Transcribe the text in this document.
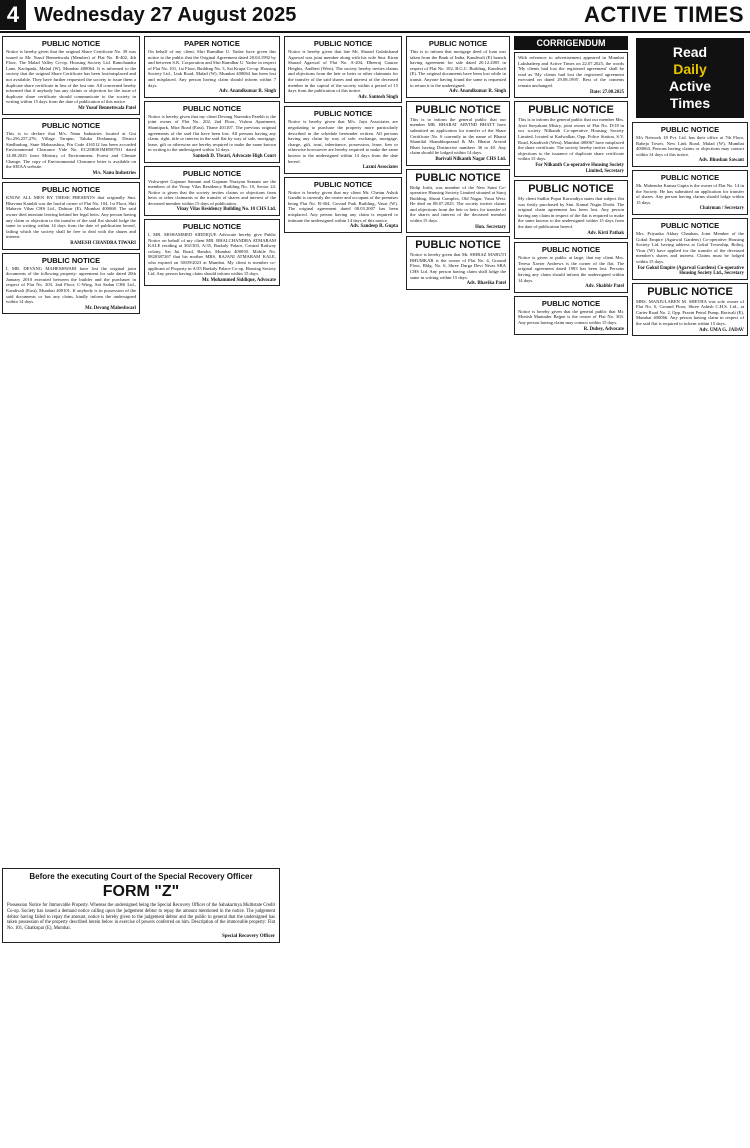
4 Wednesday 27 August 2025	ACTIVE TIMES
PUBLIC NOTICE

Notice is hereby given that the original Share Certificate No. 39 was issued to Mr. Yusuf Bennettwala (Member) of Flat No. B-402, 4th Floor, The Malad Valley Co-op. Housing Society Ltd. Ramchandra Lane, Kachpada, Malad (W), Mumbai 400064. It is informed to the society that the original Share Certificate has been lost/misplaced and not available. They have further requested the society to issue them a duplicate share certificate in lieu of the lost one. All concerned hereby informed that if anybody has any claims or objection for the issue of duplicate share certificate should communicate to the society in writing within 15 days from the date of publication of this notice.

Mr Yusuf Bennettwala Patel
PUBLIC NOTICE

This is to declare that M/s. Nanu Industries located at Gut No.256,257,276, Village Tarapur, Taluka Dodamarg, District Sindhudurg, State Maharashtra, Pin Code 416512 has been accorded Environmental Clearance Vide No. EC25B001MH587931 dated 14.08.2025 from Ministry of Environment, Forest and Climate Change. The copy of Environmental Clearance letter is available on the SEIAA website.

M/s. Nanu Industries
PUBLIC NOTICE

KNOW ALL MEN BY THESE PRESENTS that originally Smt. Bhavana Kambli was the lawful owner of Flat No. 104, 1st Floor, Shri Mahavir Vihar CHS Ltd., Dahisar (E), Mumbai 400068. The said owner died intestate leaving behind her legal heirs. Any person having any claim or objection to the transfer of the said flat should lodge the same in writing within 14 days from the date of publication hereof, failing which the society shall be free to deal with the shares and interest.

RAMESH CHANDRA TIWARI
PUBLIC NOTICE

I, MR. DEVANG MAHESHWARI have lost the original joint documents of the following property: agreement for sale dated 20th January 2010 executed between the builder and the purchaser in respect of Flat No. 203, 2nd Floor, C-Wing, Sai Sadan CHS Ltd., Kandivali (East), Mumbai 400101. If anybody is in possession of the said documents or has any claim, kindly inform the undersigned within 14 days.

Mr. Devang Maheshwari
PAPER NOTICE

On behalf of my client, Shri Ramdhar U. Yadav have given this notice to the public that the Original Agreement dated 20.04.1992 by and between S.K. Corporation and Shri Ramdhar U. Yadav in respect of Flat No. 101, 1st Floor, Building No. 3, Sai Krupa Co-op. Housing Society Ltd., Link Road, Malad (W), Mumbai 400064 has been lost and misplaced. Any person having claim should inform within 7 days.

Adv. Anandkumar R. Singh
PUBLIC NOTICE

Notice is hereby given that my client Devang Narendra Parekh is the joint owner of Flat No. 202, 2nd Floor, Vishnu Apartment, Shantipark, Mira Road (East), Thane 401107. The previous original agreements of the said flat have been lost. All persons having any claim, right, title or interest in the said flat by way of sale, mortgage, lease, gift or otherwise are hereby required to make the same known in writing to the undersigned within 14 days.

Santosh D. Tiwari, Advocate High Court
PUBLIC NOTICE

Vishwajeet Gajanan Samant and Gajanan Narayan Samant are the members of the Vinay Vilas Residency Building No. 10, Sector 24. Notice is given that the society invites claims or objections from heirs or other claimants to the transfer of shares and interest of the deceased member within 15 days of publication.

Vinay Vilas Residency Building No. 10 CHS Ltd.
PUBLIC NOTICE

I, MR. MOHAMMED SIDDIQUE Advocate hereby give Public Notice on behalf of my client MR. BHALCHANDRA ATMARAM KALE residing at 302/303, A/35, Barkaly Palace, Central Railway colony, Sai Jui Road, Bandra, Mumbai 400050. Mobile No. 9820387267 that his mother MRS. RAJANI ATMARAM KALE, who expired on 30/09/2023 at Mumbai. My client is member co-applicant of Property in A/35 Barkaly Palace Co-op. Housing Society Ltd. Any person having claim should inform within 15 days.

Mr. Mohammed Siddique, Advocate
PUBLIC NOTICE

Notice is hereby given that late Mr. Sharad Gulabchand Agarwal was joint member along with his wife Smt. Kiran Sharad Agarwal of Flat No. A-204, Dheeraj Gaurav Heights, Andheri (West). The society hereby invites claims and objections from the heir or heirs or other claimants for the transfer of the said shares and interest of the deceased member in the capital of the society within a period of 15 days from the publication of this notice.

Adv. Santosh Singh
PUBLIC NOTICE

Notice is hereby given that M/s. Jaya Associates are negotiating to purchase the property more particularly described in the schedule hereunder written. All persons having any claim by way of sale, exchange, mortgage, charge, gift, trust, inheritance, possession, lease, lien or otherwise howsoever are hereby required to make the same known to the undersigned within 14 days from the date hereof.

Laxmi Associates
PUBLIC NOTICE

Notice is hereby given that my client Mr. Chetan Ashok Gandhi is currently the owner and occupant of the premises being Flat No. B-304, Govind Park Building, Vasai (W). The original agreement dated 08.03.2007 has been misplaced. Any person having any claim is required to intimate the undersigned within 14 days of this notice.

Adv. Sandeep R. Gupta
PUBLIC NOTICE

This is to inform that mortgage deed of loan was taken from the Bank of India, Kandivali (E) branch having agreement for sale dated 20.12.2005 in respect of Flat No. 102, B.G.C. Building, Kandivali (E). The original documents have been lost while in transit. Anyone having found the same is requested to return it to the undersigned.

Adv. Anandkumar R. Singh
PUBLIC NOTICE

This is to inform the general public that our member MR. BHARAT ARVIND BHATT have submitted an application for transfer of the Share Certificate No. 6 currently in the name of Bharat Shantilal Shambhuprasad & Mr. Bharat Arvind Bhatt having Distinctive numbers 36 to 40. Any claim should be lodged within 14 days.

Borivali Nilkanth Nagar CHS Ltd.
PUBLIC NOTICE

Ridip Joshi, was member of the New Saint Co-operative Housing Society Limited situated at Saroj Building, Shruti Complex, Old Nagar, Vasai West. He died on 08.07.2025. The society invites claims and objections from the heir or heirs for transfer of the shares and interest of the deceased member within 15 days.

Hon. Secretary
PUBLIC NOTICE

Notice is hereby given that Mr. SHIRAZ MARUTI BHUMKAR is the owner of Flat No. 4, Ground Floor, Bldg. No. 6, Shree Durga Devi Nivas SRA CHS Ltd. Any person having claim shall lodge the same in writing within 15 days.

Adv. Bhavika Patel
CORRIGENDUM

With reference to advertisement appeared in Mumbai Lakshadeep and Active Times on 22.07.2025, the words 'My clients had lost the registered agreement' shall be read as 'My clients had lost the registered agreement executed on dated 29.08.1995'. Rest of the contents remain unchanged.

Date: 27.08.2025
PUBLIC NOTICE

This is to inform the general public that our member Mrs. Jyoti Suryakant Mistry, joint owner of Flat No. D/18 in our society Nilkanth Co-operative Housing Society Limited, located at Kadwalkar, Opp. Police Station, S.V. Road, Kandivali (West), Mumbai 400067 have misplaced the share certificate. The society hereby invites claims or objections to the issuance of duplicate share certificate within 15 days.

For Nilkanth Co-operative Housing Society Limited, Secretary
PUBLIC NOTICE

My client Sudhir Popat Karwadiya states that subject flat was firstly purchased by Smt. Kamal Nagin Doshi. The original chain agreement has been lost. Any person having any claim in respect of the flat is required to make the same known to the undersigned within 15 days from the date of publication hereof.

Adv. Kirti Pathak
PUBLIC NOTICE

Notice is given to public at large, that my client Mrs. Teresa Xavier Andrews is the owner of the flat. The original agreement dated 1983 has been lost. Persons having any claim should inform the undersigned within 14 days.

Adv. Shabbir Patel
PUBLIC NOTICE

Notice is hereby given that the general public that Mr. Monish Maninder Bajpai is the owner of Flat No. 303. Any person having claim may contact within 15 days.

R. Dubey, Advocate
Read
Daily
Active
Times
PUBLIC NOTICE

M/s Network 18 Pvt. Ltd. has their office at 7th Floor, Raheja Tower, New Link Road, Malad (W), Mumbai 400064. Persons having claims or objections may contact within 14 days of this notice.

Adv. Bhushan Sawant
PUBLIC NOTICE

Mr. Mahendra Kumar Gupta is the owner of Flat No. 14 in the Society. He has submitted an application for transfer of shares. Any person having claims should lodge within 15 days.

Chairman / Secretary
PUBLIC NOTICE

Mrs. Priyanka Akhay Chauhan, Joint Member of the Gokul Empire (Agarwal Gardens) Co-operative Housing Society Ltd. having address at Gokul Township, Bolinj, Virar (W) have applied for the transfer of the deceased member's shares and interest. Claims must be lodged within 15 days.

For Gokul Empire (Agarwal Gardens) Co-operative Housing Society Ltd., Secretary
PUBLIC NOTICE

MRS. MANJULABEN M. SHETHA was sole owner of Flat No. 6, Ground Floor, Shree Ashish C.H.S. Ltd., at Carter Road No. 2, Opp. Pravin Petrol Pump, Borivali (E), Mumbai 400066. Any person having claim in respect of the said flat is required to inform within 15 days.

Adv. UMA G. JADAV
Before the executing Court of the Special Recovery Officer
FORM "Z"

Possession Notice for Immovable Property. Whereas the undersigned being the Special Recovery Officer of the Sahakarmya Multistate Credit Co-op. Society has issued a demand notice calling upon the judgement debtor to repay the amount mentioned in the notice. The judgement debtor having failed to repay the amount, notice is hereby given to the judgement debtor and the public in general that the undersigned has taken possession of the property described herein below in exercise of powers conferred on him. Description of the immovable property: Flat No. 101, Ghatkopar (E), Mumbai.

Special Recovery Officer
